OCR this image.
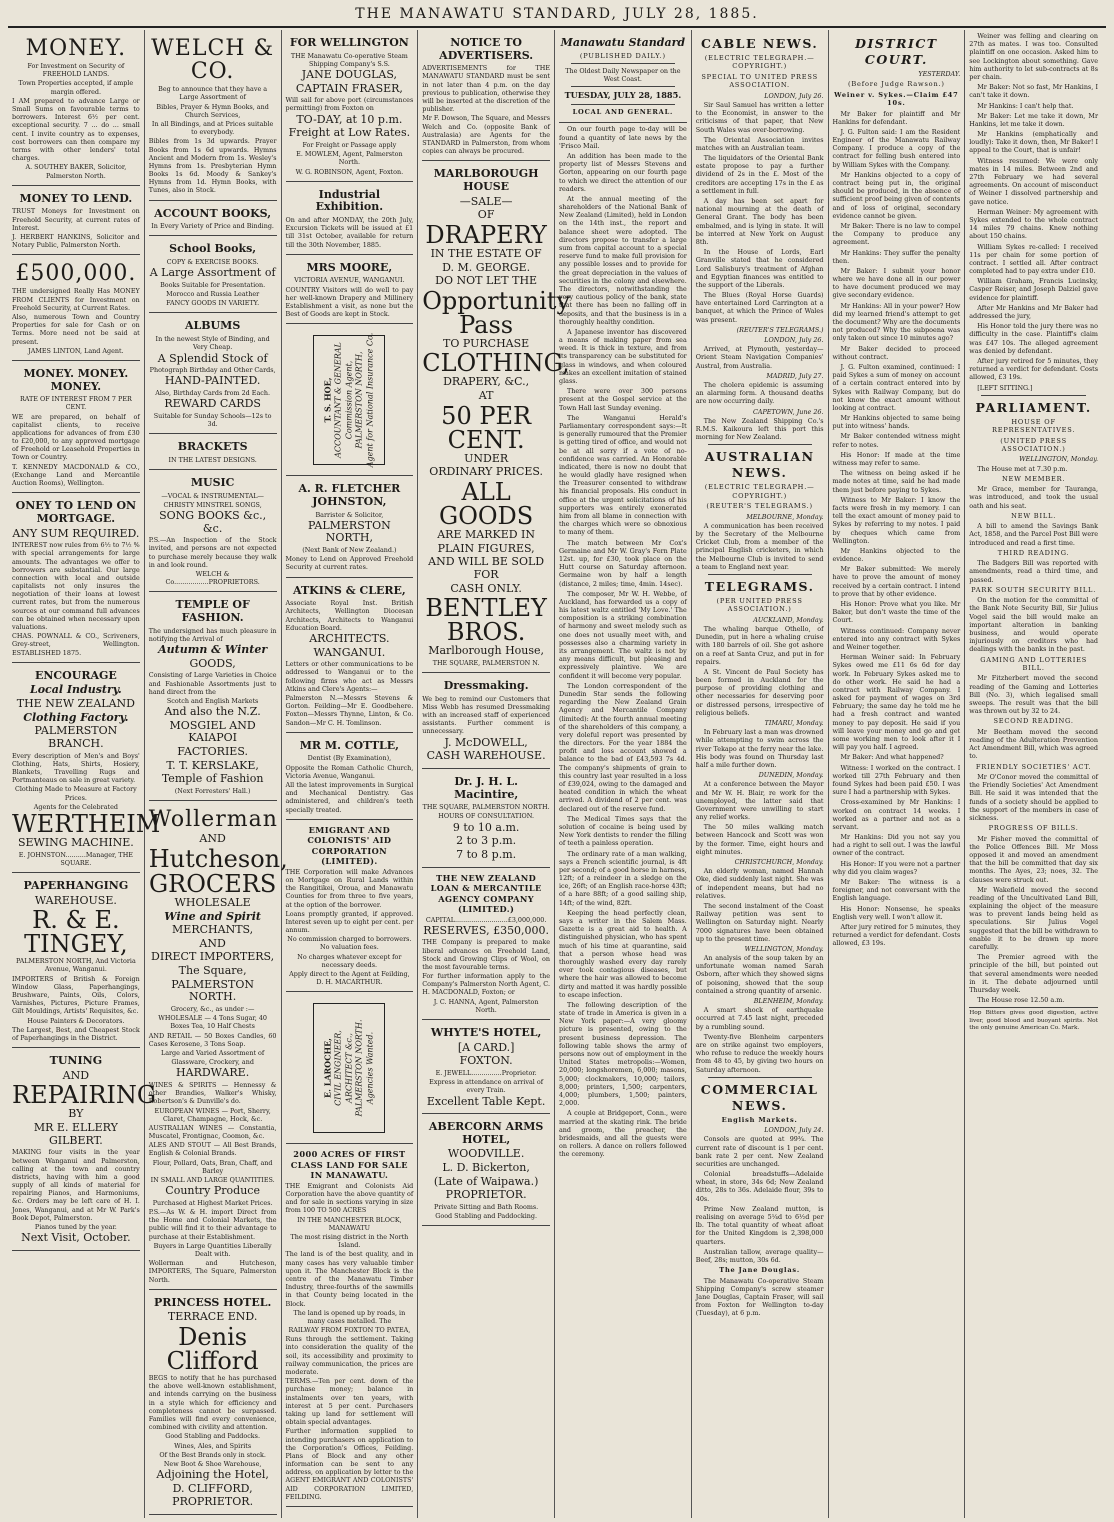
THE MANAWATU STANDARD, JULY 28, 1885.
MONEY.

For Investment on Security of FREEHOLD LANDS.

Town Properties accepted, if ample margin offered.

I AM prepared to advance Large or Small Sums on favourable terms to borrowers. Interest 6½ per cent. exceptional security. 7 ... do ... small cent. I invite country as to expenses, cost borrowers can then compare my terms with other lenders' total charges.

A. SOUTHEY BAKER, Solicitor, Palmerston North.

MONEY TO LEND.

TRUST Moneys for Investment on Freehold Security, at current rates of Interest.

J. HERBERT HANKINS, Solicitor and Notary Public, Palmerston North.

£500,000.

THE undersigned Really Has MONEY FROM CLIENTS for Investment on Freehold Security, at Current Rates.

Also, numerous Town and Country Properties for sale for Cash or on Terms. More need not be said at present.

JAMES LINTON, Land Agent.

MONEY. MONEY. MONEY.

RATE OF INTEREST FROM 7 PER CENT.

WE are prepared, on behalf of capitalist clients, to receive applications for advances of from £30 to £20,000, to any approved mortgage of Freehold or Leasehold Properties in Town or Country.

T. KENNEDY MACDONALD & CO., (Exchange Land and Mercantile Auction Rooms), Wellington.

ONEY TO LEND ON MORTGAGE.

ANY SUM REQUIRED.

INTEREST now rules from 6½ to 7½ % with special arrangements for large amounts. The advantages we offer to borrowers are substantial. Our large connection with local and outside capitalists not only insures the negotiation of their loans at lowest current rates, but from the numerous sources at our command full advances can be obtained when necessary upon valuations.

CHAS. POWNALL & CO., Scriveners, Grey-street, Wellington. ESTABLISHED 1875.

ENCOURAGE

Local Industry.

THE NEW ZEALAND

Clothing Factory.

PALMERSTON BRANCH.

Every description of Men's and Boys' Clothing, Hats, Shirts, Hosiery, Blankets, Travelling Rugs and Portmanteaus on sale in great variety.

Clothing Made to Measure at Factory Prices.

Agents for the Celebrated

WERTHEIM

SEWING MACHINE.

E. JOHNSTON..........Manager, THE SQUARE.

PAPERHANGING

WAREHOUSE.

R. & E. TINGEY,

PALMERSTON NORTH, And Victoria Avenue, Wanganui.

IMPORTERS of British & Foreign Window Glass, Paperhangings, Brushware, Paints, Oils, Colors, Varnishes, Pictures, Picture Frames, Gilt Mouldings, Artists' Requisites, &c.

House Painters & Decorators.

The Largest, Best, and Cheapest Stock of Paperhangings in the District.

TUNING

AND

REPAIRING

BY

MR E. ELLERY GILBERT.

MAKING four visits in the year between Wanganui and Palmerston, calling at the town and country districts, having with him a good supply of all kinds of material for repairing Pianos, and Harmoniums, &c. Orders may be left care of H. I. Jones, Wanganui, and at Mr W. Park's Book Depot, Palmerston.

Pianos tuned by the year.

Next Visit, October.

WELCH & CO.

Beg to announce that they have a Large Assortment of

Bibles, Prayer & Hymn Books, and Church Services,

In all Bindings, and at Prices suitable to everybody.

Bibles from 1s 3d upwards. Prayer Books from 1s 6d upwards. Hymns Ancient and Modern from 1s. Wesley's Hymns from 1s. Presbyterian Hymn Books 1s 6d. Moody & Sankey's Hymns from 1d. Hymn Books, with Tunes, also in Stock.

ACCOUNT BOOKS,

In Every Variety of Price and Binding.

School Books,

COPY & EXERCISE BOOKS.

A Large Assortment of

Books Suitable for Presentation.

Morocco and Russia Leather

FANCY GOODS IN VARIETY.

ALBUMS

In the newest Style of Binding, and Very Cheap.

A Splendid Stock of

Photograph Birthday and Other Cards,

HAND-PAINTED.

Also, Birthday Cards from 2d Each.

REWARD CARDS

Suitable for Sunday Schools—12s to 3d.

BRACKETS

IN THE LATEST DESIGNS.

MUSIC

—VOCAL & INSTRUMENTAL—

CHRISTY MINSTREL SONGS,

SONG BOOKS &c., &c.

P.S.—An Inspection of the Stock invited, and persons are not expected to purchase merely because they walk in and look round.

WELCH & Co.................PROPRIETORS.

TEMPLE OF FASHION.

The undersigned has much pleasure in notifying the Arrival of

Autumn & Winter

GOODS,

Consisting of Large Varieties in Choice and Fashionable Assortments just to hand direct from the

Scotch and English Markets

And also the N.Z.

MOSGIEL AND KAIAPOI

FACTORIES.

T. T. KERSLAKE,

Temple of Fashion

(Next Forresters' Hall.)

Wollerman

AND

Hutcheson,

GROCERS

WHOLESALE

Wine and Spirit

MERCHANTS,

AND

DIRECT IMPORTERS,

The Square,

PALMERSTON NORTH.

Grocery, &c., as under :—

WHOLESALE — 4 Tons Sugar, 40 Boxes Tea, 10 Half Chests

AND RETAIL — 50 Boxes Candles, 60 Cases Kerosene, 3 Tons Soap.

Large and Varied Assortment of

Glassware, Crockery, and

HARDWARE.

WINES & SPIRITS — Hennessy & other Brandies, Walker's Whisky, Robertson's & Dunville's do.

EUROPEAN WINES — Port, Sherry, Claret, Champagne, Hock, &c.

AUSTRALIAN WINES — Constantia, Muscatel, Frontignac, Coomon, &c.

ALES AND STOUT — All Best Brands, English & Colonial Brands.

Flour, Pollard, Oats, Bran, Chaff, and Barley

IN SMALL AND LARGE QUANTITIES.

Country Produce

Purchased at Highest Market Prices.

P.S.—As W. & H. import Direct from the Home and Colonial Markets, the public will find it to their advantage to purchase at their Establishment.

Buyers in Large Quantities Liberally Dealt with.

Wollerman and Hutcheson, IMPORTERS, The Square, Palmerston North.

PRINCESS HOTEL.

TERRACE END.

Denis Clifford

BEGS to notify that he has purchased the above well-known establishment, and intends carrying on the business in a style which for efficiency and completeness cannot be surpassed. Families will find every convenience, combined with civility and attention.

Good Stabling and Paddocks.

Wines, Ales, and Spirits

Of the Best Brands only in stock.

New Boot & Shoe Warehouse,

Adjoining the Hotel,

D. CLIFFORD,

PROPRIETOR.

FOR WELLINGTON

THE Manawatu Co-operative Steam Shipping Company's S.S.

JANE DOUGLAS,

CAPTAIN FRASER,

Will sail for above port (circumstances permitting) from Foxton on

TO-DAY, at 10 p.m.

Freight at Low Rates.

For Freight or Passage apply

E. MOWLEM, Agent, Palmerston North.

W. G. ROBINSON, Agent, Foxton.

Industrial Exhibition.

On and after MONDAY, the 20th July, Excursion Tickets will be issued at £1 till 31st October, available for return till the 30th November, 1885.

MRS MOORE,

VICTORIA AVENUE, WANGANUI.

COUNTRY Visitors will do well to pay her well-known Drapery and Millinery Establishment a visit, as none but the Best of Goods are kept in Stock.

T. S. HOE, ACCOUNTANT & GENERAL Commission Agent, PALMERSTON NORTH, Agent for National Insurance Co.
A. R. FLETCHER JOHNSTON,

Barrister & Solicitor,

PALMERSTON NORTH,

(Next Bank of New Zealand.)

Money to Lend on Approved Freehold Security at current rates.

ATKINS & CLERE,

Associate Royal Inst. British Architects, Wellington Diocesan Architects, Architects to Wanganui Education Board.

ARCHITECTS.

WANGANUI.

Letters or other communications to be addressed to Wanganui or to the following firms who act as Messrs Atkins and Clere's Agents:—

Palmerston N.—Messrs Stevens & Gorton. Feilding—Mr E. Goodbehere. Foxton—Messrs Thynne, Linton, & Co. Sandon—Mr C. H. Tomlinson.

MR M. COTTLE,

Dentist (By Examination),

Opposite the Roman Catholic Church, Victoria Avenue, Wanganui.

All the latest improvements in Surgical and Mechanical Dentistry. Gas administered, and children's teeth specially treated.

EMIGRANT AND COLONISTS' AID CORPORATION (LIMITED).

THE Corporation will make Advances on Mortgage on Rural Lands within the Rangitikei, Oroua, and Manawatu Counties for from three to five years, at the option of the borrower.

Loans promptly granted, if approved. Interest seven up to eight per cent. per annum.

No commission charged to borrowers. No valuation fees.

No charges whatever except for necessary deeds.

Apply direct to the Agent at Feilding, D. H. MACARTHUR.

E. LAROCHE, CIVIL ENGINEER, ARCHITECT &c., PALMERSTON NORTH. Agencies Wanted.
2000 ACRES OF FIRST CLASS LAND FOR SALE IN MANAWATU.

THE Emigrant and Colonists Aid Corporation have the above quantity of and for sale in sections varying in size from 100 TO 500 ACRES

IN THE MANCHESTER BLOCK, MANAWATU

The most rising district in the North Island.

The land is of the best quality, and in many cases has very valuable timber upon it. The Manchester Block is the centre of the Manawatu Timber Industry, three-fourths of the sawmills in that County being located in the Block.

The land is opened up by roads, in many cases metalled. The

RAILWAY FROM FOXTON TO PATEA,

Runs through the settlement. Taking into consideration the quality of the soil, its accessibility and proximity to railway communication, the prices are moderate.

TERMS.—Ten per cent. down of the purchase money; balance in instalments over ten years, with interest at 5 per cent. Purchasers taking up land for settlement will obtain special advantages.

Further information supplied to intending purchasers on application to the Corporation's Offices, Feilding. Plans of Block and any other information can be sent to any address, on application by letter to the AGENT EMIGRANT AND COLONISTS' AID CORPORATION LIMITED, FEILDING.

NOTICE TO ADVERTISERS.

ADVERTISEMENTS for THE MANAWATU STANDARD must be sent in not later than 4 p.m. on the day previous to publication, otherwise they will be inserted at the discretion of the publisher.

Mr F. Dowson, The Square, and Messrs Welch and Co. (opposite Bank of Australasia) are Agents for the STANDARD in Palmerston, from whom copies can always be procured.

MARLBOROUGH HOUSE

—SALE—

OF

DRAPERY

IN THE ESTATE OF

D. M. GEORGE.

DO NOT LET THE

Opportunity Pass

TO PURCHASE

CLOTHING,

DRAPERY, &C.,

AT

50 PER CENT.

UNDER

ORDINARY PRICES.

ALL GOODS

ARE MARKED IN

PLAIN FIGURES,

AND WILL BE SOLD FOR

CASH ONLY.

BENTLEY BROS.

Marlborough House,

THE SQUARE, PALMERSTON N.

Dressmaking.

We beg to remind our Customers that Miss Webb has resumed Dressmaking with an increased staff of experienced assistants. Further comment is unnecessary.

J. McDOWELL,

CASH WAREHOUSE.

Dr. J. H. L. Macintire,

THE SQUARE, PALMERSTON NORTH.

HOURS OF CONSULTATION.

9 to 10 a.m.

2 to 3 p.m.

7 to 8 p.m.

THE NEW ZEALAND LOAN & MERCANTILE AGENCY COMPANY (LIMITED.)

CAPITAL..........................£3,000,000.

RESERVES, £350,000.

THE Company is prepared to make liberal advances on Freehold Land, Stock and Growing Clips of Wool, on the most favourable terms.

For further information apply to the Company's Palmerston North Agent, C. H. MACDONALD, Foxton; or

J. C. HANNA, Agent, Palmerston North.

WHYTE'S HOTEL,

[A CARD.]

FOXTON.

E. JEWELL...............Proprietor.

Express in attendance on arrival of every Train.

Excellent Table Kept.

ABERCORN ARMS HOTEL,

WOODVILLE.

L. D. Bickerton,

(Late of Waipawa.)

PROPRIETOR.

Private Sitting and Bath Rooms.

Good Stabling and Paddocking.

Manawatu Standard
(PUBLISHED DAILY.)
The Oldest Daily Newspaper on the West Coast.
TUESDAY, JULY 28, 1885.
LOCAL AND GENERAL.

On our fourth page to-day will be found a quantity of late news by the 'Frisco Mail.

An addition has been made to the property list of Messrs Stevens and Gorton, appearing on our fourth page to which we direct the attention of our readers.

At the annual meeting of the shareholders of the National Bank of New Zealand (Limited), held in London on the 14th inst., the report and balance sheet were adopted. The directors propose to transfer a large sum from capital account to a special reserve fund to make full provision for any possible losses and to provide for the great depreciation in the values of securities in the colony and elsewhere. The directors, notwithstanding the very cautious policy of the bank, state that there has been no falling off in deposits, and that the business is in a thoroughly healthy condition.

A Japanese inventor has discovered a means of making paper from sea weed. It is thick in texture, and from its transparency can be substituted for glass in windows, and when coloured makes an excellent imitation of stained glass.

There were over 300 persons present at the Gospel service at the Town Hall last Sunday evening.

The Wanganui Herald's Parliamentary correspondent says:—It is generally rumoured that the Premier is getting tired of office, and would not be at all sorry if a vote of no-confidence was carried. An Honorable indicated, there is now no doubt that he would gladly have resigned when the Treasurer consented to withdraw his financial proposals. His conduct in office at the urgent solicitations of his supporters was entirely exonerated him from all blame in connection with the charges which were so obnoxious to many of them.

The match between Mr Cox's Germaine and Mr W. Gray's Fern Plate 12st. up, for £30, took place on the Hutt course on Saturday afternoon. Germaine won by half a length (distance, 2 miles; time, 4min. 14sec).

The composer, Mr W. H. Webbe, of Auckland, has forwarded us a copy of his latest waltz entitled 'My Love.' The composition is a striking combination of harmony and sweet melody such as one does not usually meet with, and possesses also a charming variety in its arrangement. The waltz is not by any means difficult, but pleasing and expressively plaintive. We are confident it will become very popular.

The London correspondent of the Dunedin Star sends the following regarding the New Zealand Grain Agency and Mercantile Company (limited): At the fourth annual meeting of the shareholders of this company, a very doleful report was presented by the directors. For the year 1884 the profit and loss account showed a balance to the bad of £43,593 7s 4d. The company's shipments of grain to this country last year resulted in a loss of £39,024, owing to the damaged and heated condition in which the wheat arrived. A dividend of 2 per cent. was declared out of the reserve fund.

The Medical Times says that the solution of cocaine is being used by New York dentists to render the filling of teeth a painless operation.

The ordinary rate of a man walking, says a French scientific journal, is 4ft per second; of a good horse in harness, 12ft; of a reindeer in a sledge on the ice, 26ft; of an English race-horse 43ft; of a hare 88ft; of a good sailing ship, 14ft; of the wind, 82ft.

Keeping the head perfectly clean, says a writer in the Salem Mass. Gazette is a great aid to health. A distinguished physician, who has spent much of his time at quarantine, said that a person whose head was thoroughly washed every day rarely ever took contagious diseases, but where the hair was allowed to become dirty and matted it was hardly possible to escape infection.

The following description of the state of trade in America is given in a New York paper:—A very gloomy picture is presented, owing to the present business depression. The following table shows the army of persons now out of employment in the United States metropolis:—Women, 20,000; longshoremen, 6,000; masons, 5,000; clockmakers, 10,000; tailors, 8,000; printers, 1,500; carpenters, 4,000; plumbers, 1,500; painters, 2,000.

A couple at Bridgeport, Conn., were married at the skating rink. The bride and groom, the preacher, the bridesmaids, and all the guests were on rollers. A dance on rollers followed the ceremony.

CABLE NEWS.
(ELECTRIC TELEGRAPH.—COPYRIGHT.)
SPECIAL TO UNITED PRESS ASSOCIATION.
LONDON, July 26.

Sir Saul Samuel has written a letter to the Economist, in answer to the criticisms of that paper, that New South Wales was over-borrowing.

The Oriental Association invites matches with an Australian team.

The liquidators of the Oriental Bank estate propose to pay a further dividend of 2s in the £. Most of the creditors are accepting 17s in the £ as a settlement in full.

A day has been set apart for national mourning at the death of General Grant. The body has been embalmed, and is lying in state. It will be interred at New York on August 8th.

In the House of Lords, Earl Granville stated that he considered Lord Salisbury's treatment of Afghan and Egyptian finances was entitled to the support of the Liberals.

The Blues (Royal Horse Guards) have entertained Lord Carrington at a banquet, at which the Prince of Wales was present.

(REUTER'S TELEGRAMS.)
LONDON, July 26.

Arrived, at Plymouth, yesterday—Orient Steam Navigation Companies' Austral, from Australia.

MADRID, July 27.

The cholera epidemic is assuming an alarming form. A thousand deaths are now occurring daily.

CAPETOWN, June 26.

The New Zealand Shipping Co.'s R.M.S. Kaikoura left this port this morning for New Zealand.

AUSTRALIAN NEWS.
(ELECTRIC TELEGRAPH.—COPYRIGHT.)
(REUTER'S TELEGRAMS.)
MELBOURNE, Monday.

A communication has been received by the Secretary of the Melbourne Cricket Club, from a member of the principal English cricketers, in which the Melbourne Club is invited to send a team to England next year.

TELEGRAMS.
(PER UNITED PRESS ASSOCIATION.)
AUCKLAND, Monday.

The whaling barque Othello, of Dunedin, put in here a whaling cruise with 180 barrels of oil. She got ashore on a reef at Santa Cruz, and put in for repairs.

A St. Vincent de Paul Society has been formed in Auckland for the purpose of providing clothing and other necessaries for deserving poor or distressed persons, irrespective of religious beliefs.

TIMARU, Monday.

In February last a man was drowned while attempting to swim across the river Tekapo at the ferry near the lake. His body was found on Thursday last half a mile further down.

DUNEDIN, Monday.

At a conference between the Mayor and Mr W. H. Blair, re work for the unemployed, the latter said that Government were unwilling to start any relief works.

The 50 miles walking match between Hancock and Scott was won by the former. Time, eight hours and eight minutes.

CHRISTCHURCH, Monday.

An elderly woman, named Hannah Oke, died suddenly last night. She was of independent means, but had no relatives.

The second instalment of the Coast Railway petition was sent to Wellington on Saturday night. Nearly 7000 signatures have been obtained up to the present time.

WELLINGTON, Monday.

An analysis of the soup taken by an unfortunate woman named Sarah Osborn, after which they showed signs of poisoning, showed that the soup contained a strong quantity of arsenic.

BLENHEIM, Monday.

A smart shock of earthquake occurred at 7.45 last night, preceded by a rumbling sound.

Twenty-five Blenheim carpenters are on strike against two employers, who refuse to reduce the weekly hours from 48 to 45, by giving two hours on Saturday afternoon.

COMMERCIAL NEWS.
English Markets.
LONDON, July 24.

Consols are quoted at 99¾. The current rate of discount is 1 per cent. bank rate 2 per cent. New Zealand securities are unchanged.

Colonial breadstuffs—Adelaide wheat, in store, 34s 6d; New Zealand ditto, 28s to 36s. Adelaide flour, 39s to 40s.

Prime New Zealand mutton, is realising on average 5¼d to 6½d per lb. The total quantity of wheat afloat for the United Kingdom is 2,398,000 quarters.

Australian tallow, average quality—Beef, 28s; mutton, 30s 6d.

The Jane Douglas.

The Manawatu Co-operative Steam Shipping Company's screw steamer Jane Douglas, Captain Fraser, will sail from Foxton for Wellington to-day (Tuesday), at 6 p.m.

DISTRICT COURT.
YESTERDAY.
(Before Judge Rawson.)
Weiner v. Sykes.—Claim £47 10s.

Mr Baker for plaintiff and Mr Hankins for defendant.

J. G. Fulton said: I am the Resident Engineer of the Manawatu Railway Company. I produce a copy of the contract for felling bush entered into by William Sykes with the Company.

Mr Hankins objected to a copy of contract being put in, the original should be produced, in the absence of sufficient proof being given of contents and of loss of original, secondary evidence cannot be given.

Mr Baker: There is no law to compel the Company to produce any agreement.

Mr Hankins: They suffer the penalty then.

Mr Baker: I submit your honor where we have done all in our power to have document produced we may give secondary evidence.

Mr Hankins: All in your power? How did my learned friend's attempt to get the document? Why are the documents not produced? Why the subpoena was only taken out since 10 minutes ago?

Mr Baker decided to proceed without contract.

J. G. Fulton examined, continued: I paid Sykes a sum of money on account of a certain contract entered into by Sykes with Railway Company, but do not know the exact amount without looking at contract.

Mr Hankins objected to same being put into witness' hands.

Mr Baker contended witness might refer to notes.

His Honor: If made at the time witness may refer to same.

The witness on being asked if he made notes at time, said he had made them just before paying to Sykes.

Witness to Mr Baker: I know the facts were fresh in my memory. I can tell the exact amount of money paid to Sykes by referring to my notes. I paid by cheques which came from Wellington.

Mr Hankins objected to the evidence.

Mr Baker submitted: We merely have to prove the amount of money received by a certain contract. I intend to prove that by other evidence.

His Honor: Prove what you like. Mr Baker, but don't waste the time of the Court.

Witness continued: Company never entered into any contract with Sykes and Weiner together.

Herman Weiner said: In February Sykes owed me £11 6s 6d for day work. In February Sykes asked me to do other work. He said he had a contract with Railway Company. I asked for payment of wages on 3rd February; the same day he told me he had a fresh contract and wanted money to pay deposit. He said if you will leave your money and go and get some working men to look after it I will pay you half. I agreed.

Mr Baker: And what happened?

Witness: I worked on the contract. I worked till 27th February and then found Sykes had been paid £50. I was sure I had a partnership with Sykes.

Cross-examined by Mr Hankins: I worked on contract 14 weeks. I worked as a partner and not as a servant.

Mr Hankins: Did you not say you had a right to sell out. I was the lawful owner of the contract.

His Honor: If you were not a partner why did you claim wages?

Mr Baker: The witness is a foreigner, and not conversant with the English language.

His Honor: Nonsense, he speaks English very well. I won't allow it.

After jury retired for 5 minutes, they returned a verdict for defendant. Costs allowed, £3 19s.

Weiner was felling and clearing on 27th as mates. I was too. Consulted plaintiff on one occasion. Asked him to see Lockington about something. Gave him authority to let sub-contracts at 8s per chain.

Mr Baker: Not so fast, Mr Hankins, I can't take it down.

Mr Hankins: I can't help that.

Mr Baker: Let me take it down, Mr Hankins, let me take it down.

Mr Hankins (emphatically and loudly): Take it down, then, Mr Baker! I appeal to the Court, that is unfair!

Witness resumed: We were only mates in 14 miles. Between 2nd and 27th February we had several agreements. On account of misconduct of Weiner I dissolved partnership and gave notice.

Herman Weiner: My agreement with Sykes extended to the whole contract 14 miles 79 chains. Knew nothing about 150 chains.

William Sykes re-called: I received 11s per chain for some portion of contract. I settled all. After contract completed had to pay extra under £10.

William Graham, Francis Lucinsky, Casper Reiser, and Joseph Dalziel gave evidence for plaintiff.

After Mr Hankins and Mr Baker had addressed the jury,

His Honor told the jury there was no difficulty in the case. Plaintiff's claim was £47 10s. The alleged agreement was denied by defendant.

After jury retired for 5 minutes, they returned a verdict for defendant. Costs allowed, £3 19s.

[LEFT SITTING.]

PARLIAMENT.
HOUSE OF REPRESENTATIVES.
(UNITED PRESS ASSOCIATION.)
WELLINGTON, Monday.

The House met at 7.30 p.m.

NEW MEMBER.

Mr Grace, member for Tauranga, was introduced, and took the usual oath and his seat.

NEW BILL.

A bill to amend the Savings Bank Act, 1858, and the Parcel Post Bill were introduced and read a first time.

THIRD READING.

The Badgers Bill was reported with amendments, read a third time, and passed.

PARK SOUTH SECURITY BILL.

On the motion for the committal of the Bank Note Security Bill, Sir Julius Vogel said the bill would make an important alteration in banking business, and would operate injuriously on creditors who had dealings with the banks in the past.

GAMING AND LOTTERIES BILL.

Mr Fitzherbert moved the second reading of the Gaming and Lotteries Bill (No. 3), which legalised small sweeps. The result was that the bill was thrown out by 32 to 24.

SECOND READING.

Mr Beetham moved the second reading of the Adulteration Prevention Act Amendment Bill, which was agreed to.

FRIENDLY SOCIETIES' ACT.

Mr O'Conor moved the committal of the Friendly Societies' Act Amendment Bill. He said it was intended that the funds of a society should be applied to the support of the members in case of sickness.

PROGRESS OF BILLS.

Mr Fisher moved the committal of the Police Offences Bill. Mr Moss opposed it and moved an amendment that the bill be committed that day six months. The Ayes, 23; noes, 32. The clauses were struck out.

Mr Wakefield moved the second reading of the Uncultivated Land Bill, explaining the object of the measure was to prevent lands being held as speculations. Sir Julius Vogel suggested that the bill be withdrawn to enable it to be drawn up more carefully.

The Premier agreed with the principle of the bill, but pointed out that several amendments were needed in it. The debate adjourned until Thursday week.

The House rose 12.50 a.m.

Hop Bitters gives good digestion, active liver, good blood and buoyant spirits. Not the only genuine American Co. Mark.
